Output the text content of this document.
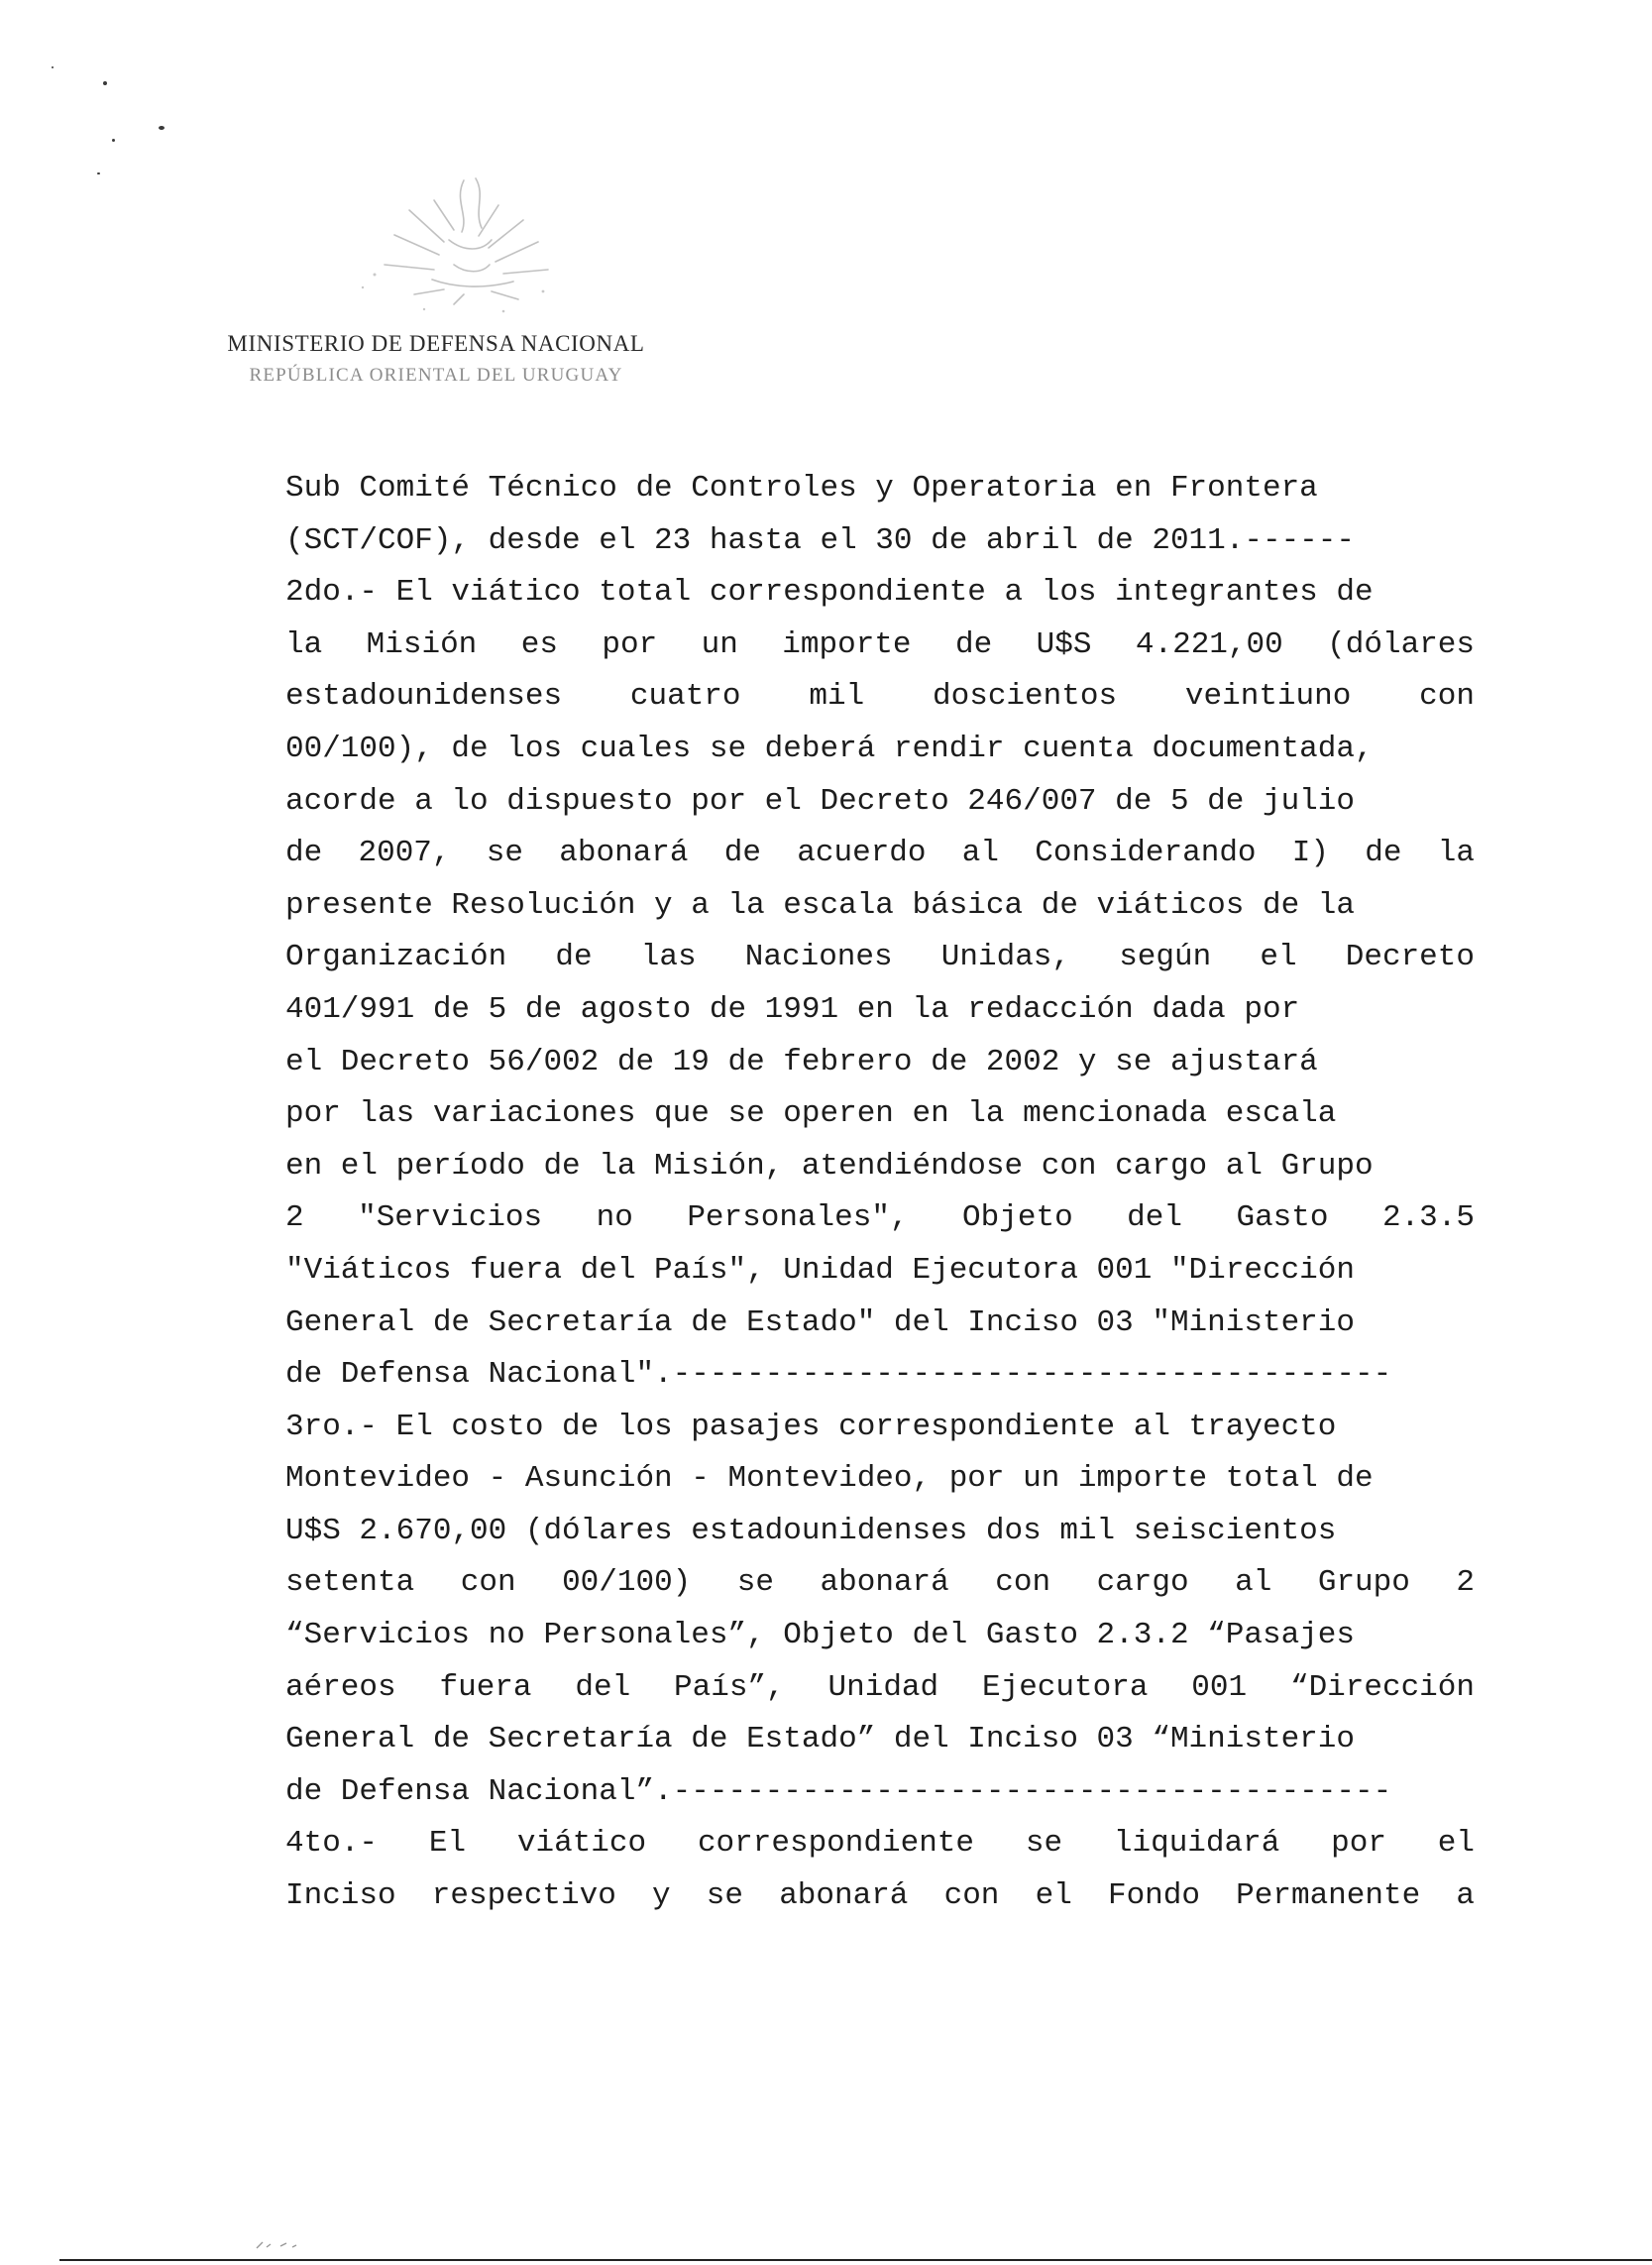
MINISTERIO DE DEFENSA NACIONAL
REPÚBLICA ORIENTAL DEL URUGUAY
Sub Comité Técnico de Controles y Operatoria en Frontera
(SCT/COF), desde el 23 hasta el 30 de abril de 2011.------
2do.- El viático total correspondiente a los integrantes de
la Misión es por un importe de U$S 4.221,00 (dólares
estadounidenses cuatro mil doscientos veintiuno con
00/100), de los cuales se deberá rendir cuenta documentada,
acorde a lo dispuesto por el Decreto 246/007 de 5 de julio
de 2007, se abonará de acuerdo al Considerando I) de la
presente Resolución y a la escala básica de viáticos de la
Organización de las Naciones Unidas, según el Decreto
401/991 de 5 de agosto de 1991 en la redacción dada por
el Decreto 56/002 de 19 de febrero de 2002 y se ajustará
por las variaciones que se operen en la mencionada escala
en el período de la Misión, atendiéndose con cargo al Grupo
2 "Servicios no Personales", Objeto del Gasto 2.3.5
"Viáticos fuera del País", Unidad Ejecutora 001 "Dirección
General de Secretaría de Estado" del Inciso 03 "Ministerio
de Defensa Nacional".---------------------------------------
3ro.- El costo de los pasajes correspondiente al trayecto
Montevideo - Asunción - Montevideo, por un importe total de
U$S 2.670,00 (dólares estadounidenses dos mil seiscientos
setenta con 00/100) se abonará con cargo al Grupo 2
“Servicios no Personales”, Objeto del Gasto 2.3.2 “Pasajes
aéreos fuera del País”, Unidad Ejecutora 001 “Dirección
General de Secretaría de Estado” del Inciso 03 “Ministerio
de Defensa Nacional”.---------------------------------------
4to.- El viático correspondiente se liquidará por el
Inciso respectivo y se abonará con el Fondo Permanente a
